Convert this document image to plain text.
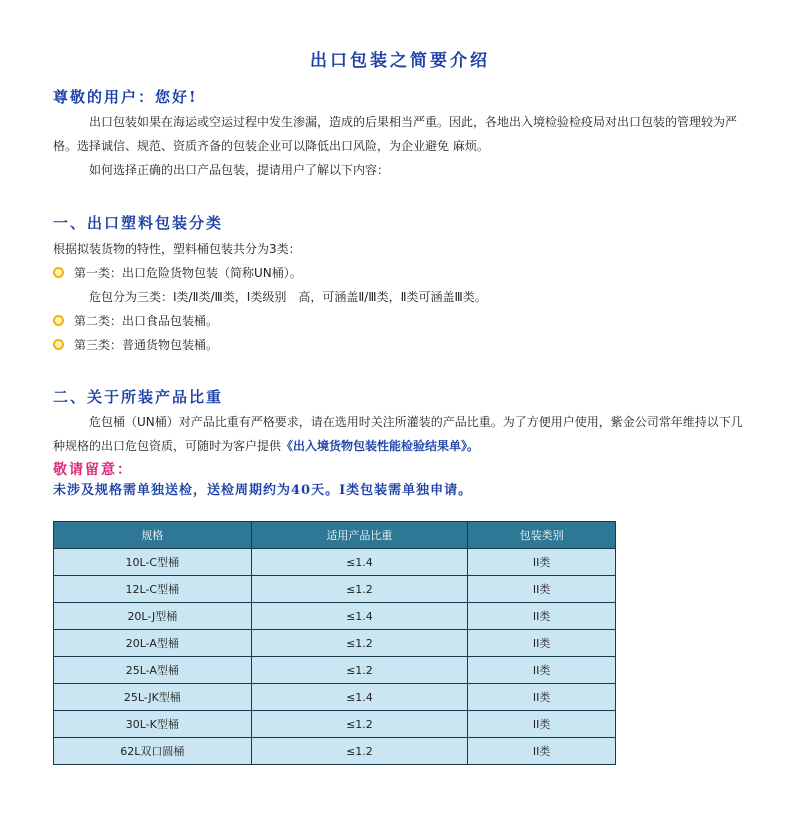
出口包装之简要介绍

尊敬的用户：您好!

出口包装如果在海运或空运过程中发生渗漏，造成的后果相当严重。因此，各地出入境检验检疫局对出口包装的管理较为严格。选择诚信、规范、资质齐备的包装企业可以降低出口风险，为企业避免 麻烦。

如何选择正确的出口产品包装，提请用户了解以下内容：

一、出口塑料包装分类

根据拟装货物的特性，塑料桶包装共分为3类：

第一类：出口危险货物包装（简称UN桶）。

危包分为三类：Ⅰ类/Ⅱ类/Ⅲ类，Ⅰ类级别　高，可涵盖Ⅱ/Ⅲ类，Ⅱ类可涵盖Ⅲ类。

第二类：出口食品包装桶。
第三类：普通货物包装桶。
二、关于所装产品比重

危包桶（UN桶）对产品比重有严格要求，请在选用时关注所灌装的产品比重。为了方便用户使用，紫金公司常年维持以下几种规格的出口危包资质，可随时为客户提供《出入境货物包装性能检验结果单》。

敬请留意：

未涉及规格需单独送检，送检周期约为40天。Ⅰ类包装需单独申请。

规格	适用产品比重	包装类别
10L-C型桶	≤1.4	II类
12L-C型桶	≤1.2	II类
20L-J型桶	≤1.4	II类
20L-A型桶	≤1.2	II类
25L-A型桶	≤1.2	II类
25L-JK型桶	≤1.4	II类
30L-K型桶	≤1.2	II类
62L双口圆桶	≤1.2	II类
